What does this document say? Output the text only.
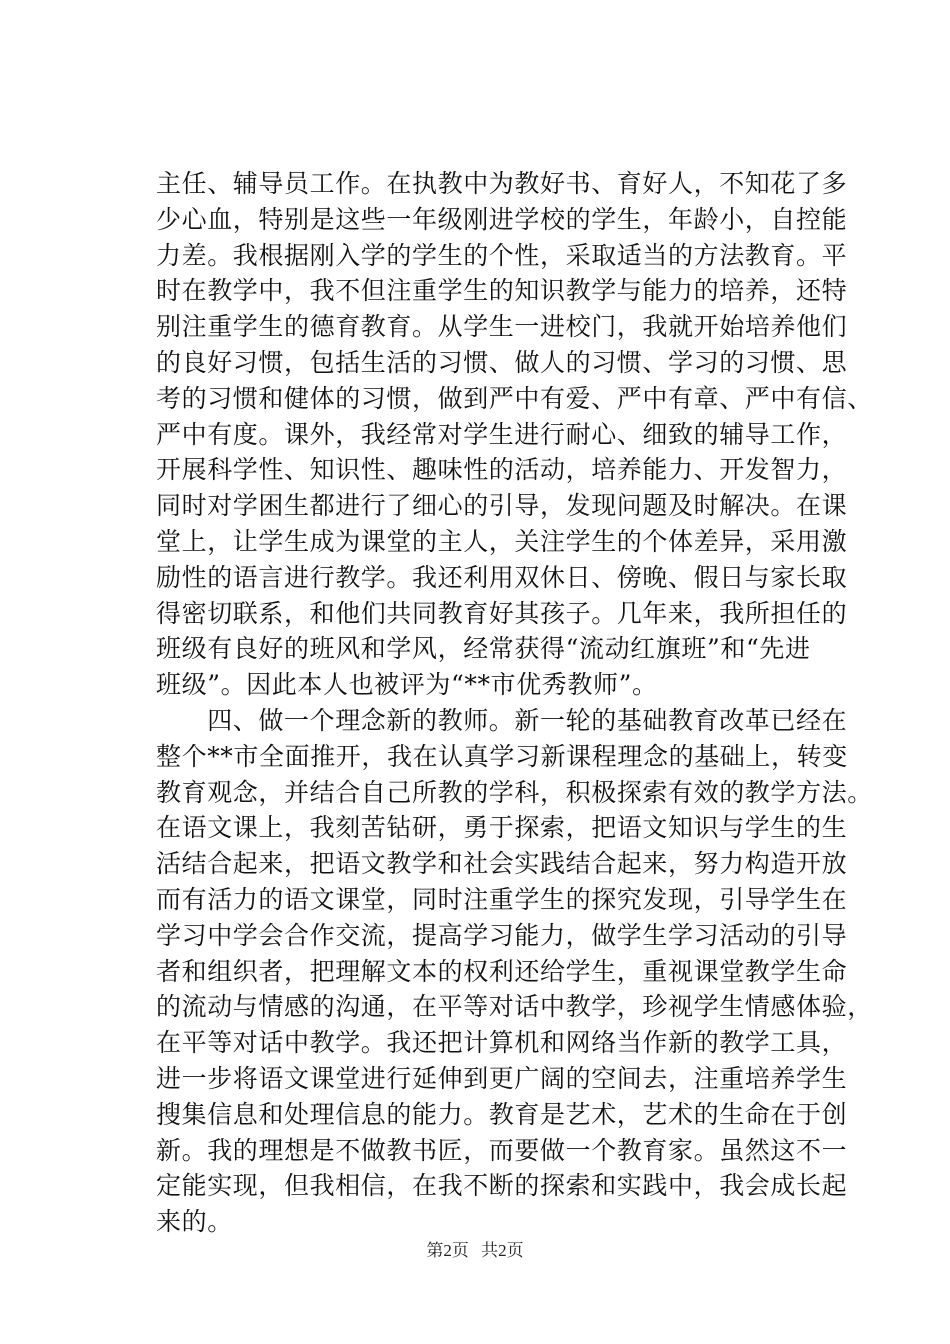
主任、辅导员工作。在执教中为教好书、育好人，不知花了多
少心血，特别是这些一年级刚进学校的学生，年龄小，自控能
力差。我根据刚入学的学生的个性，采取适当的方法教育。平
时在教学中，我不但注重学生的知识教学与能力的培养，还特
别注重学生的德育教育。从学生一进校门，我就开始培养他们
的良好习惯，包括生活的习惯、做人的习惯、学习的习惯、思
考的习惯和健体的习惯，做到严中有爱、严中有章、严中有信、
严中有度。课外，我经常对学生进行耐心、细致的辅导工作，
开展科学性、知识性、趣味性的活动，培养能力、开发智力，
同时对学困生都进行了细心的引导，发现问题及时解决。在课
堂上，让学生成为课堂的主人，关注学生的个体差异，采用激
励性的语言进行教学。我还利用双休日、傍晚、假日与家长取
得密切联系，和他们共同教育好其孩子。几年来，我所担任的
班级有良好的班风和学风，经常获得“流动红旗班”和“先进
班级”。因此本人也被评为“**市优秀教师”。
　　四、做一个理念新的教师。新一轮的基础教育改革已经在
整个**市全面推开，我在认真学习新课程理念的基础上，转变
教育观念，并结合自己所教的学科，积极探索有效的教学方法。
在语文课上，我刻苦钻研，勇于探索，把语文知识与学生的生
活结合起来，把语文教学和社会实践结合起来，努力构造开放
而有活力的语文课堂，同时注重学生的探究发现，引导学生在
学习中学会合作交流，提高学习能力，做学生学习活动的引导
者和组织者，把理解文本的权利还给学生，重视课堂教学生命
的流动与情感的沟通，在平等对话中教学，珍视学生情感体验，
在平等对话中教学。我还把计算机和网络当作新的教学工具，
进一步将语文课堂进行延伸到更广阔的空间去，注重培养学生
搜集信息和处理信息的能力。教育是艺术，艺术的生命在于创
新。我的理想是不做教书匠，而要做一个教育家。虽然这不一
定能实现，但我相信，在我不断的探索和实践中，我会成长起
来的。
第2页 共2页
